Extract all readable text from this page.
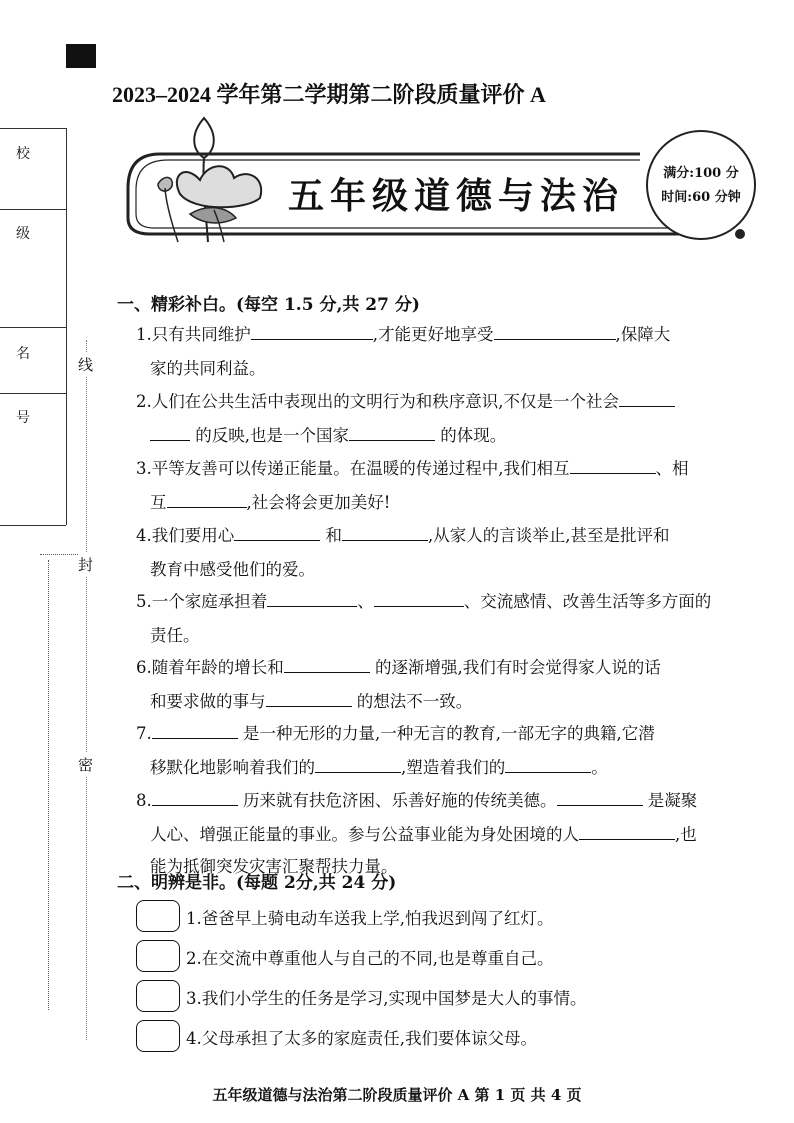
2023–2024 学年第二学期第二阶段质量评价 A
校
级
名
号
线
封
密
五年级道德与法治
满分:100 分
时间:60 分钟
一、精彩补白。(每空 1.5 分,共 27 分)
1.只有共同维护	,才能更好地享受	,保障大
家的共同利益。
2.人们在公共生活中表现出的文明行为和秩序意识,不仅是一个社会
的反映,也是一个国家	的体现。
3.平等友善可以传递正能量。在温暖的传递过程中,我们相互	、相
互	,社会将会更加美好!
4.我们要用心	和	,从家人的言谈举止,甚至是批评和
教育中感受他们的爱。
5.一个家庭承担着	、	、交流感情、改善生活等多方面的
责任。
6.随着年龄的增长和	的逐渐增强,我们有时会觉得家人说的话
和要求做的事与	的想法不一致。
7.	是一种无形的力量,一种无言的教育,一部无字的典籍,它潜
移默化地影响着我们的	,塑造着我们的	。
8.	历来就有扶危济困、乐善好施的传统美德。	是凝聚
人心、增强正能量的事业。参与公益事业能为身处困境的人	,也
能为抵御突发灾害汇聚帮扶力量。
二、明辨是非。(每题 2分,共 24 分)
1.爸爸早上骑电动车送我上学,怕我迟到闯了红灯。
2.在交流中尊重他人与自己的不同,也是尊重自己。
3.我们小学生的任务是学习,实现中国梦是大人的事情。
4.父母承担了太多的家庭责任,我们要体谅父母。
五年级道德与法治第二阶段质量评价 A 第 1 页 共 4 页
